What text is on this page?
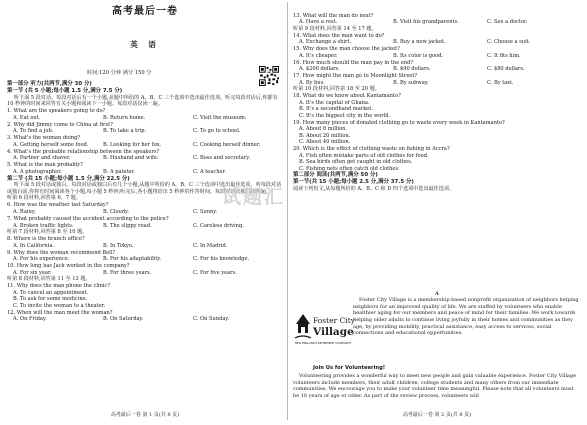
高考最后一卷
英 语
时间:120 分钟 满分 150 分
第一部分 听力(共两节,满分 30 分)
第一节 (共 5 小题;每小题 1.5 分,满分 7.5 分)
听下面 5 段对话。每段对话后有一个小题,从题中所给的 A、B、C 三个选项中选出最佳选项。听完每段对话后,你都有 10 秒钟的时间来回答有关小题和阅读下一小题。每段对话仅读一遍。
1. What are the speakers going to do?
A. Eat out.	B. Return home.	C. Visit the museum.
2. Why did Jimmy come to China at first?
A. To find a job.	B. To take a trip.	C. To go to school.
3. What's the woman doing?
A. Getting herself some food.	B. Looking for her fox.	C. Cooking herself dinner.
4. What's the probable relationship between the speakers?
A. Partner and shaver.	B. Husband and wife.	C. Boss and secretary.
5. What is the man probably?
A. A photographer.	B. A painter.	C. A teacher.
第二节 (共 15 小题;每小题 1.5 分,满分 22.5 分)
听下面 5 段对话或独白。每段对话或独白后有几个小题,从题中所给的 A、B、C 三个选项中选出最佳选项。听每段对话或独白前,你将有时间阅读各个小题,每小题 5 秒钟;听完后,各小题将给出 5 秒钟的作答时间。每段对话或独白读两遍。
听第 6 段材料,回答第 6、7 题。
6. How was the weather last Saturday?
A. Rainy.	B. Cloudy.	C. Sunny.
7. What probably caused the accident according to the police?
A. Broken traffic lights.	B. The slippy road.	C. Careless driving.
听第 7 段材料,回答第 8 至 10 题。
8. Where is the branch office?
A. In California.	B. In Tokyo.	C. In Madrid.
9. Why does the woman recommend Bell?
A. For his experience.	B. For his adaptability.	C. For his knowledge.
10. How long has Jack worked in the company?
A. For six year.	B. For three years.	C. For five years.
听第 8 段材料,回答第 11 至 13 题。
11. Why does the man phone the clinic?
A. To cancel an appointment.
B. To ask for some medicine.
C. To invite the woman to a theater.
12. When will the man meet the woman?
A. On Friday.	B. On Saturday.	C. On Sunday.
高考最后一卷 第 1 页(共 8 页)
13. What will the man do next?
A. Have a rest.	B. Visit his grandparents.	C. See a doctor.
听第 9 段材料,回答第 14 至 17 题。
14. What does the man want to do?
A. Exchange a shirt.	B. Buy a new jacket.	C. Choose a suit.
15. Why does the man choose the jacket?
A. It's cheaper.	B. Its color is good.	C. It fits him.
16. How much should the man pay in the end?
A. $200 dollars.	B. $90 dollars.	C. $80 dollars.
17. How might the man go to Moonlight Street?
A. By bus.	B. By subway.	C. By taxi.
听第 10 段材料,回答第 18 至 20 题。
18. What do we know about Kantamanto?
A. It's the capital of Ghana.
B. It's a secondhand market.
C. It's the biggest city in the world.
19. How many pieces of donated clothing go to waste every week in Kantamanto?
A. About 8 million.
B. About 20 million.
C. About 40 million.
20. Which is the effect of clothing waste on fishing in Accra?
A. Fish often mistake parts of old clothes for food.
B. Sea birds often get caught in old clothes.
C. Fishing nets often catch old clothes.
第二部分 阅读(共两节,满分 50 分)
第一节(共 15 小题;每小题 2.5 分,满分 37.5 分)
阅读下列短文,从每题所给的 A、B、C 和 D 四个选项中选出最佳选项。
A
Foster City
Village
NEW ENGLAND'S RETIREMENT COMMUNITY
Foster City Village is a membership-based nonprofit organization of neighbors helping neighbors for an improved quality of life. We are staffed by volunteers who enable healthier aging for our members and peace of mind for their families. We work towards helping older adults to continue living joyfully in their homes and communities as they age, by providing mobility, practical assistance, easy access to services, social connections and educational opportunities.
Join Us for Volunteering!
Volunteering provides a wonderful way to meet new people and gain valuable experience. Foster City Village volunteers include members, their adult children, college students and many others from our immediate communities. We encourage you to make your volunteer time meaningful. Please note that all volunteers must be 18 years of age or older. As part of the review process, volunteers will
高考最后一卷 第 2 页(共 8 页)
试题汇
